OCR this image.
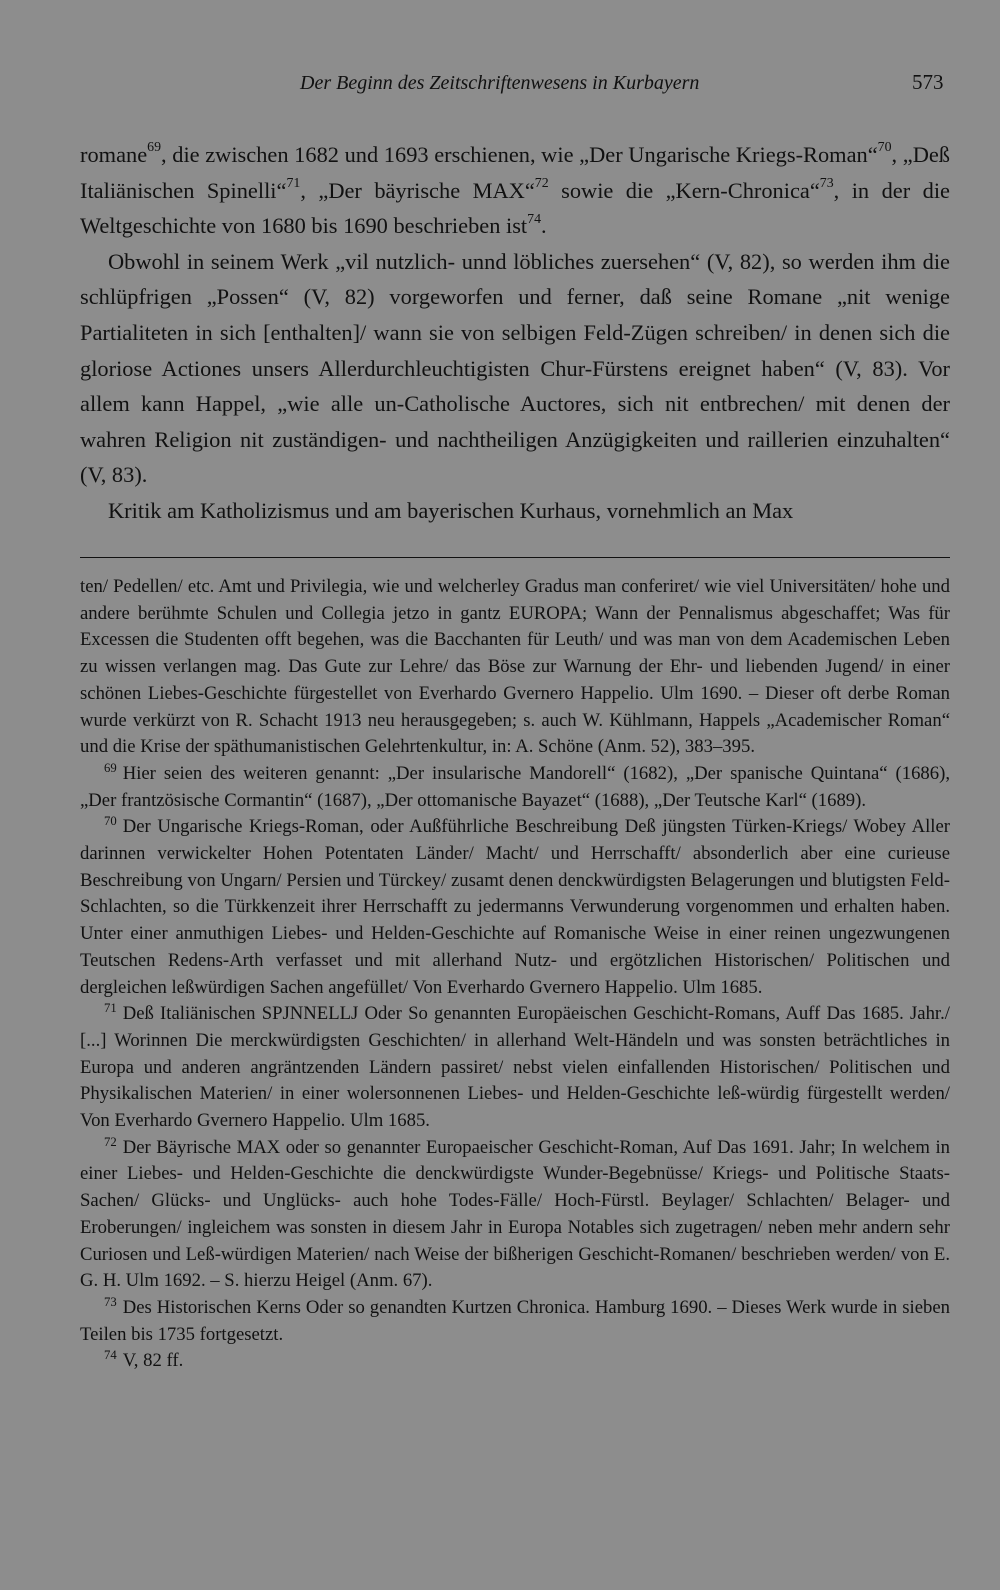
Der Beginn des Zeitschriftenwesens in Kurbayern	573

romane$^{69}$, die zwischen 1682 und 1693 erschienen, wie „Der Ungarische Kriegs-Roman“$^{70}$, „Deß Italiänischen Spinelli“$^{71}$, „Der bäyrische MAX“$^{72}$ sowie die „Kern-Chronica“$^{73}$, in der die Weltgeschichte von 1680 bis 1690 beschrieben ist$^{74}$.

Obwohl in seinem Werk „vil nutzlich- unnd löbliches zuersehen“ (V, 82), so werden ihm die schlüpfrigen „Possen“ (V, 82) vorgeworfen und ferner, daß seine Romane „nit wenige Partialiteten in sich [enthalten]/ wann sie von selbigen Feld-Zügen schreiben/ in denen sich die gloriose Actiones unsers Allerdurchleuchtigisten Chur-Fürstens ereignet haben“ (V, 83). Vor allem kann Happel, „wie alle un-Catholische Auctores, sich nit entbrechen/ mit denen der wahren Religion nit zuständigen- und nachtheiligen Anzügigkeiten und raillerien einzuhalten“ (V, 83).

Kritik am Katholizismus und am bayerischen Kurhaus, vornehmlich an Max

ten/ Pedellen/ etc. Amt und Privilegia, wie und welcherley Gradus man conferiret/ wie viel Universitäten/ hohe und andere berühmte Schulen und Collegia jetzo in gantz EUROPA; Wann der Pennalismus abgeschaffet; Was für Excessen die Studenten offt begehen, was die Bacchanten für Leuth/ und was man von dem Academischen Leben zu wissen verlangen mag. Das Gute zur Lehre/ das Böse zur Warnung der Ehr- und liebenden Jugend/ in einer schönen Liebes-Geschichte fürgestellet von Everhardo Gvernero Happelio. Ulm 1690. – Dieser oft derbe Roman wurde verkürzt von R. Schacht 1913 neu herausgegeben; s. auch W. Kühlmann, Happels „Academischer Roman“ und die Krise der späthumanistischen Gelehrtenkultur, in: A. Schöne (Anm. 52), 383–395.

$^{69}$ Hier seien des weiteren genannt: „Der insularische Mandorell“ (1682), „Der spanische Quintana“ (1686), „Der frantzösische Cormantin“ (1687), „Der ottomanische Bayazet“ (1688), „Der Teutsche Karl“ (1689).

$^{70}$ Der Ungarische Kriegs-Roman, oder Außführliche Beschreibung Deß jüngsten Türken-Kriegs/ Wobey Aller darinnen verwickelter Hohen Potentaten Länder/ Macht/ und Herrschafft/ absonderlich aber eine curieuse Beschreibung von Ungarn/ Persien und Türckey/ zusamt denen denckwürdigsten Belagerungen und blutigsten Feld-Schlachten, so die Türkkenzeit ihrer Herrschafft zu jedermanns Verwunderung vorgenommen und erhalten haben. Unter einer anmuthigen Liebes- und Helden-Geschichte auf Romanische Weise in einer reinen ungezwungenen Teutschen Redens-Arth verfasset und mit allerhand Nutz- und ergötzlichen Historischen/ Politischen und dergleichen leßwürdigen Sachen angefüllet/ Von Everhardo Gvernero Happelio. Ulm 1685.

$^{71}$ Deß Italiänischen SPJNNELLJ Oder So genannten Europäeischen Geschicht-Romans, Auff Das 1685. Jahr./ [...] Worinnen Die merckwürdigsten Geschichten/ in allerhand Welt-Händeln und was sonsten beträchtliches in Europa und anderen angräntzenden Ländern passiret/ nebst vielen einfallenden Historischen/ Politischen und Physikalischen Materien/ in einer wolersonnenen Liebes- und Helden-Geschichte leß-würdig fürgestellt werden/ Von Everhardo Gvernero Happelio. Ulm 1685.

$^{72}$ Der Bäyrische MAX oder so genannter Europaeischer Geschicht-Roman, Auf Das 1691. Jahr; In welchem in einer Liebes- und Helden-Geschichte die denckwürdigste Wunder-Begebnüsse/ Kriegs- und Politische Staats-Sachen/ Glücks- und Unglücks- auch hohe Todes-Fälle/ Hoch-Fürstl. Beylager/ Schlachten/ Belager- und Eroberungen/ ingleichem was sonsten in diesem Jahr in Europa Notables sich zugetragen/ neben mehr andern sehr Curiosen und Leß-würdigen Materien/ nach Weise der bißherigen Geschicht-Romanen/ beschrieben werden/ von E. G. H. Ulm 1692. – S. hierzu Heigel (Anm. 67).

$^{73}$ Des Historischen Kerns Oder so genandten Kurtzen Chronica. Hamburg 1690. – Dieses Werk wurde in sieben Teilen bis 1735 fortgesetzt.

$^{74}$ V, 82 ff.
